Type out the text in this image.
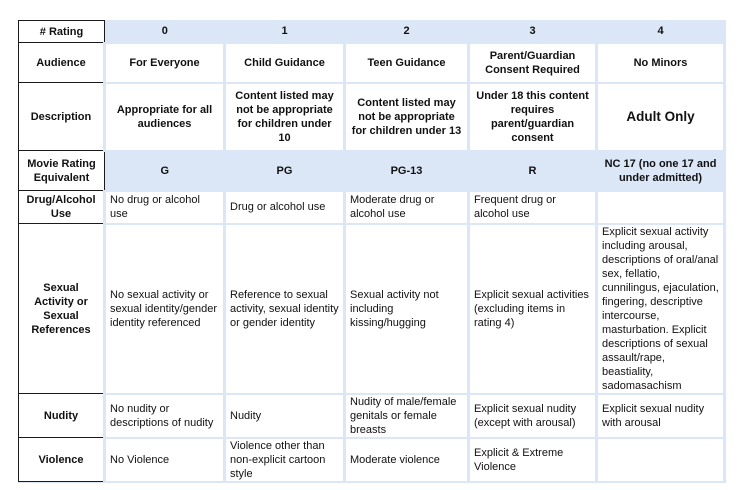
# Rating	0	1	2	3	4
Audience	For Everyone	Child Guidance	Teen Guidance	Parent/Guardian Consent Required	No Minors
Description	Appropriate for all audiences	Content listed may not be appropriate for children under 10	Content listed may not be appropriate for children under 13	Under 18 this content requires parent/guardian consent	Adult Only
Movie Rating Equivalent	G	PG	PG-13	R	NC 17 (no one 17 and under admitted)
Drug/Alcohol Use	No drug or alcohol use	Drug or alcohol use	Moderate drug or alcohol use	Frequent drug or alcohol use	
Sexual Activity or Sexual References	No sexual activity or sexual identity/gender identity referenced	Reference to sexual activity, sexual identity or gender identity	Sexual activity not including kissing/hugging	Explicit sexual activities (excluding items in rating 4)	Explicit sexual activity including arousal, descriptions of oral/anal sex, fellatio, cunnilingus, ejaculation, fingering, descriptive intercourse, masturbation. Explicit descriptions of sexual assault/rape, beastiality, sadomasachism
Nudity	No nudity or descriptions of nudity	Nudity	Nudity of male/female genitals or female breasts	Explicit sexual nudity (except with arousal)	Explicit sexual nudity with arousal
Violence	No Violence	Violence other than non-explicit cartoon style	Moderate violence	Explicit & Extreme Violence	
